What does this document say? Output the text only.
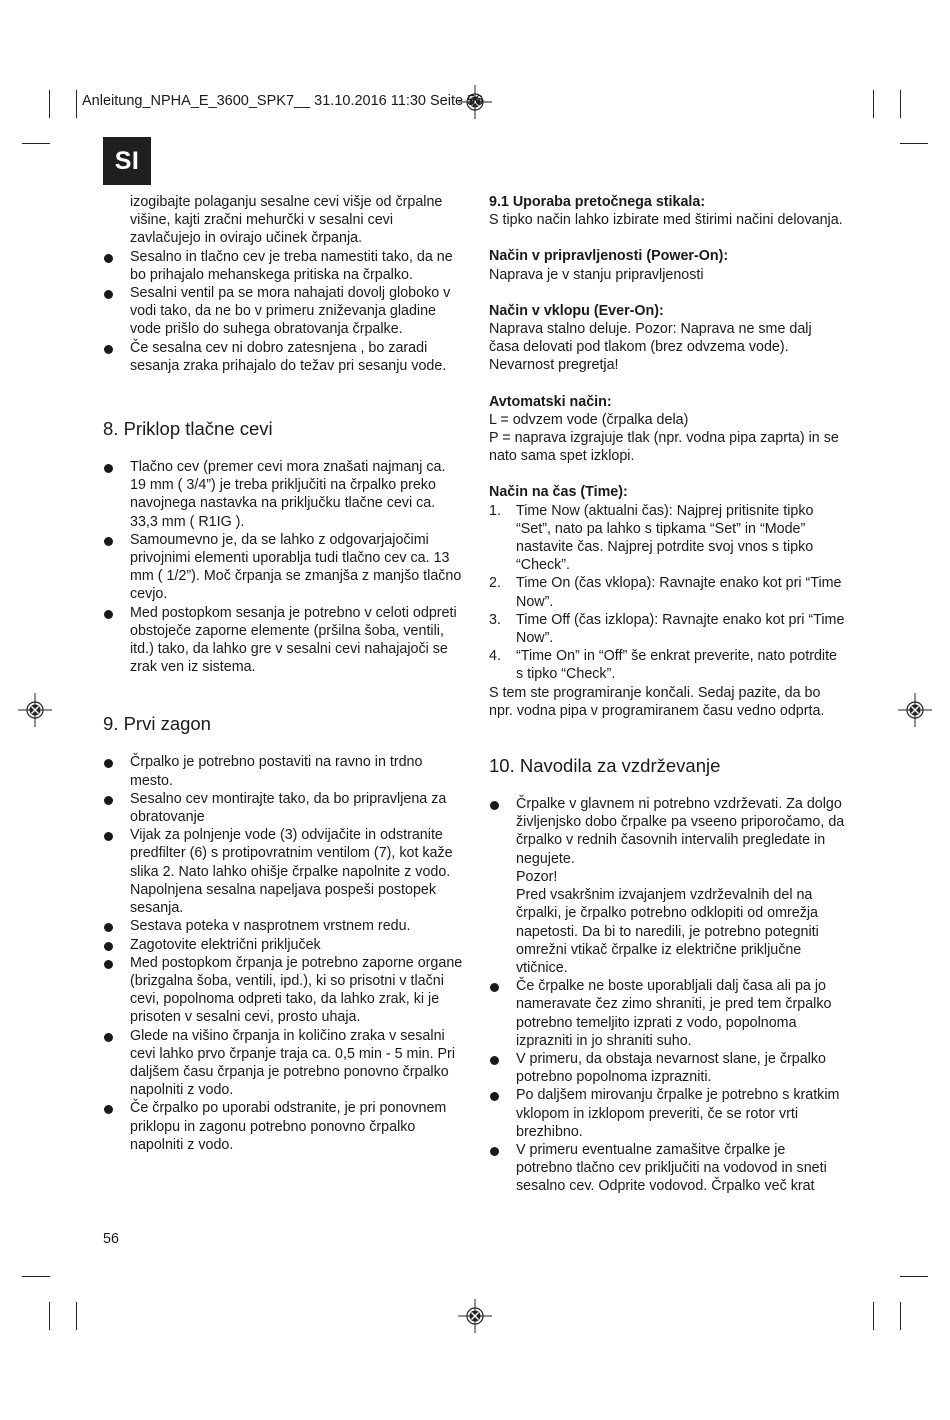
Anleitung_NPHA_E_3600_SPK7__ 31.10.2016 11:30 Seite 56
SI
izogibajte polaganju sesalne cevi višje od črpalne višine, kajti zračni mehurčki v sesalni cevi zavlačujejo in ovirajo učinek črpanja.
Sesalno in tlačno cev je treba namestiti tako, da ne bo prihajalo mehanskega pritiska na črpalko.
Sesalni ventil pa se mora nahajati dovolj globoko v vodi tako, da ne bo v primeru zniževanja gladine vode prišlo do suhega obratovanja črpalke.
Če sesalna cev ni dobro zatesnjena , bo zaradi sesanja zraka prihajalo do težav pri sesanju vode.
8. Priklop tlačne cevi
Tlačno cev (premer cevi mora znašati najmanj ca. 19 mm ( 3/4”) je treba priključiti na črpalko preko navojnega nastavka na priključku tlačne cevi ca. 33,3 mm ( R1IG ).
Samoumevno je, da se lahko z odgovarjajočimi privojnimi elementi uporablja tudi tlačno cev ca. 13 mm ( 1/2”). Moč črpanja se zmanjša z manjšo tlačno cevjo.
Med postopkom sesanja je potrebno v celoti odpreti obstoječe zaporne elemente (pršilna šoba, ventili, itd.) tako, da lahko gre v sesalni cevi nahajajoči se zrak ven iz sistema.
9. Prvi zagon
Črpalko je potrebno postaviti na ravno in trdno mesto.
Sesalno cev montirajte tako, da bo pripravljena za obratovanje
Vijak za polnjenje vode (3) odvijačite in odstranite predfilter (6) s protipovratnim ventilom (7), kot kaže slika 2. Nato lahko ohišje črpalke napolnite z vodo. Napolnjena sesalna napeljava pospeši postopek sesanja.
Sestava poteka v nasprotnem vrstnem redu.
Zagotovite električni priključek
Med postopkom črpanja je potrebno zaporne organe (brizgalna šoba, ventili, ipd.), ki so prisotni v tlačni cevi, popolnoma odpreti tako, da lahko zrak, ki je prisoten v sesalni cevi, prosto uhaja.
Glede na višino črpanja in količino zraka v sesalni cevi lahko prvo črpanje traja ca. 0,5 min - 5 min. Pri daljšem času črpanja je potrebno ponovno črpalko napolniti z vodo.
Če črpalko po uporabi odstranite, je pri ponovnem priklopu in zagonu potrebno ponovno črpalko napolniti z vodo.

9.1 Uporaba pretočnega stikala:

S tipko način lahko izbirate med štirimi načini delovanja.

Način v pripravljenosti (Power-On):

Naprava je v stanju pripravljenosti

Način v vklopu (Ever-On):

Naprava stalno deluje. Pozor: Naprava ne sme dalj časa delovati pod tlakom (brez odvzema vode). Nevarnost pregretja!

Avtomatski način:

L = odvzem vode (črpalka dela)

P = naprava izgrajuje tlak (npr. vodna pipa zaprta) in se nato sama spet izklopi.

Način na čas (Time):

1. Time Now (aktualni čas): Najprej pritisnite tipko “Set”, nato pa lahko s tipkama “Set” in “Mode” nastavite čas. Najprej potrdite svoj vnos s tipko “Check”.
2. Time On (čas vklopa): Ravnajte enako kot pri “Time Now”.
3. Time Off (čas izklopa): Ravnajte enako kot pri “Time Now”.
4. “Time On” in “Off” še enkrat preverite, nato potrdite s tipko “Check”.

S tem ste programiranje končali. Sedaj pazite, da bo npr. vodna pipa v programiranem času vedno odprta.

10. Navodila za vzdrževanje
Črpalke v glavnem ni potrebno vzdrževati. Za dolgo življenjsko dobo črpalke pa vseeno priporočamo, da črpalko v rednih časovnih intervalih pregledate in negujete.
Pozor!
Pred vsakršnim izvajanjem vzdrževalnih del na črpalki, je črpalko potrebno odklopiti od omrežja napetosti. Da bi to naredili, je potrebno potegniti omrežni vtikač črpalke iz električne priključne vtičnice.
Če črpalke ne boste uporabljali dalj časa ali pa jo nameravate čez zimo shraniti, je pred tem črpalko potrebno temeljito izprati z vodo, popolnoma izprazniti in jo shraniti suho.
V primeru, da obstaja nevarnost slane, je črpalko potrebno popolnoma izprazniti.
Po daljšem mirovanju črpalke je potrebno s kratkim vklopom in izklopom preveriti, če se rotor vrti brezhibno.
V primeru eventualne zamašitve črpalke je potrebno tlačno cev priključiti na vodovod in sneti sesalno cev. Odprite vodovod. Črpalko več krat
56
